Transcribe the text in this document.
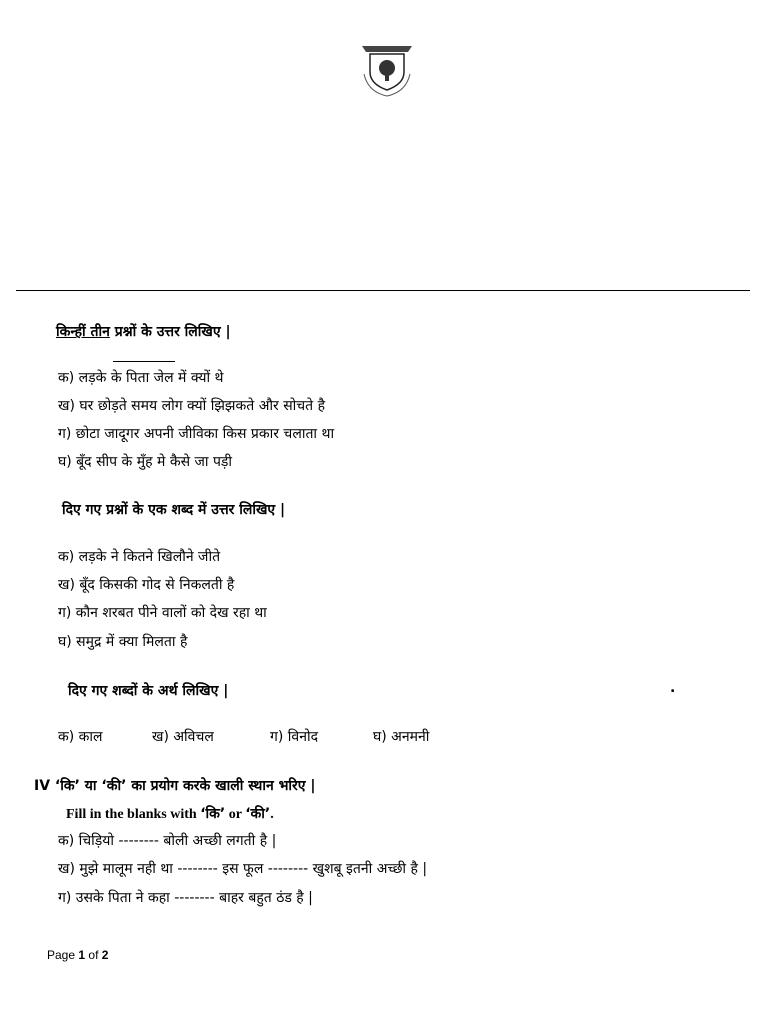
किन्हीं तीन प्रश्नों के उत्तर लिखिए |
क) लड़के के पिता जेल में क्यों थे
ख) घर छोड़ते समय लोग क्यों झिझकते और सोचते है
ग) छोटा जादूगर अपनी जीविका किस प्रकार चलाता था
घ) बूँद सीप के मुँह मे कैसे जा पड़ी
दिए गए प्रश्नों के एक शब्द में उत्तर लिखिए |
क) लड़के ने कितने खिलौने जीते
ख) बूँद किसकी गोद से निकलती है
ग) कौन शरबत पीने वालों को देख रहा था
घ) समुद्र में क्या मिलता है
दिए गए शब्दों के अर्थ लिखिए |	.
क) काल	ख) अविचल	ग) विनोद	घ) अनमनी
IV ‘कि’ या ‘की’ का प्रयोग करके खाली स्थान भरिए |
Fill in the blanks with ‘कि’ or ‘की’.
क) चिड़ियो -------- बोली अच्छी लगती है |
ख) मुझे मालूम नही था -------- इस फूल -------- खुशबू इतनी अच्छी है |
ग) उसके पिता ने कहा -------- बाहर बहुत ठंड है |
Page 1 of 2
